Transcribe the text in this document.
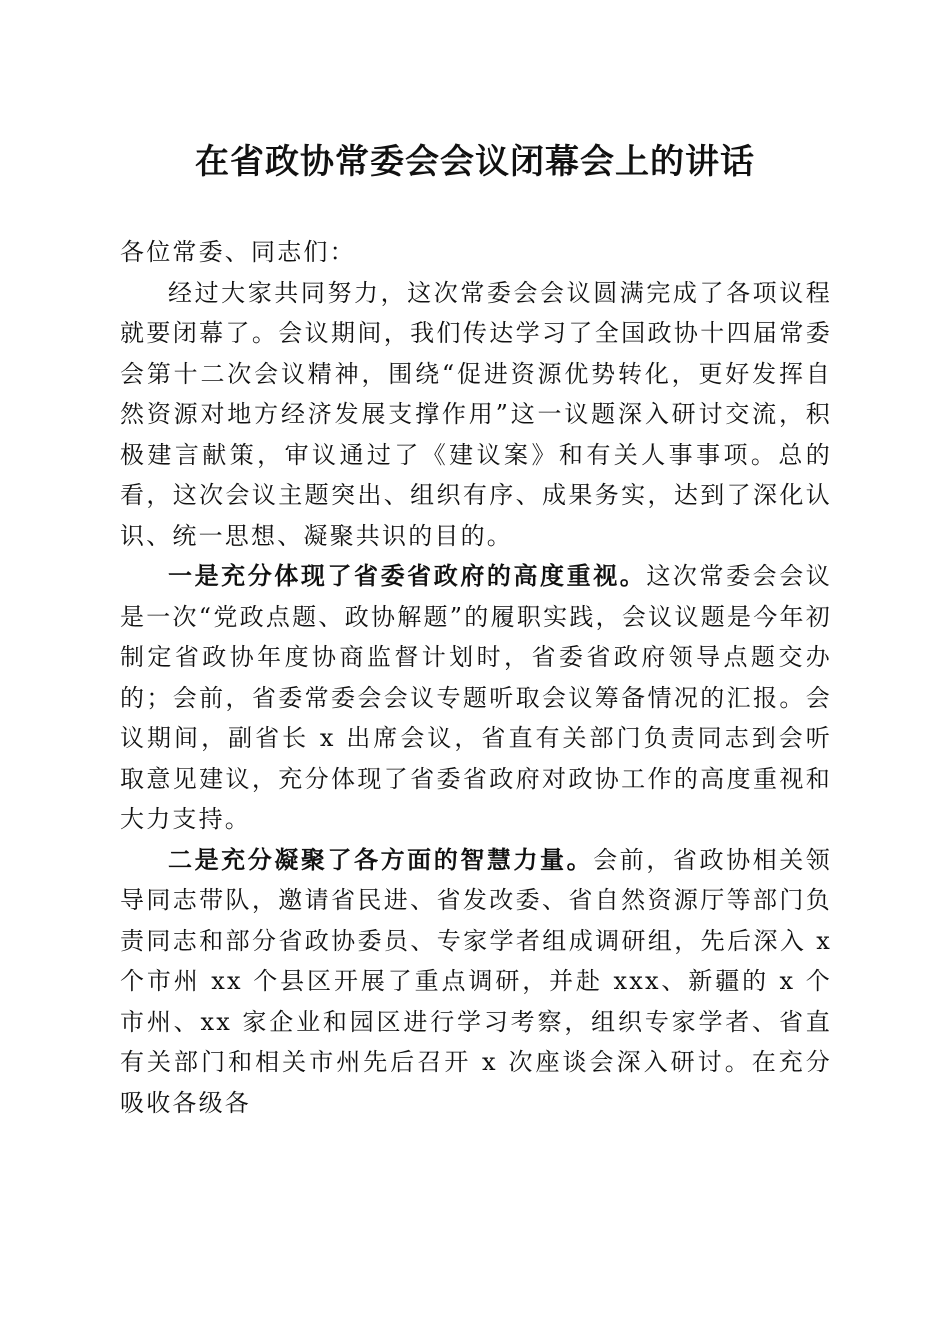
在省政协常委会会议闭幕会上的讲话

各位常委、同志们：

经过大家共同努力，这次常委会会议圆满完成了各项议程就要闭幕了。会议期间，我们传达学习了全国政协十四届常委会第十二次会议精神，围绕“促进资源优势转化，更好发挥自然资源对地方经济发展支撑作用”这一议题深入研讨交流，积极建言献策，审议通过了《建议案》和有关人事事项。总的看，这次会议主题突出、组织有序、成果务实，达到了深化认识、统一思想、凝聚共识的目的。

一是充分体现了省委省政府的高度重视。这次常委会会议是一次“党政点题、政协解题”的履职实践，会议议题是今年初制定省政协年度协商监督计划时，省委省政府领导点题交办的；会前，省委常委会会议专题听取会议筹备情况的汇报。会议期间，副省长 x 出席会议，省直有关部门负责同志到会听取意见建议，充分体现了省委省政府对政协工作的高度重视和大力支持。

二是充分凝聚了各方面的智慧力量。会前，省政协相关领导同志带队，邀请省民进、省发改委、省自然资源厅等部门负责同志和部分省政协委员、专家学者组成调研组，先后深入 x 个市州 xx 个县区开展了重点调研，并赴 xxx、新疆的 x 个市州、xx 家企业和园区进行学习考察，组织专家学者、省直有关部门和相关市州先后召开 x 次座谈会深入研讨。在充分吸收各级各
